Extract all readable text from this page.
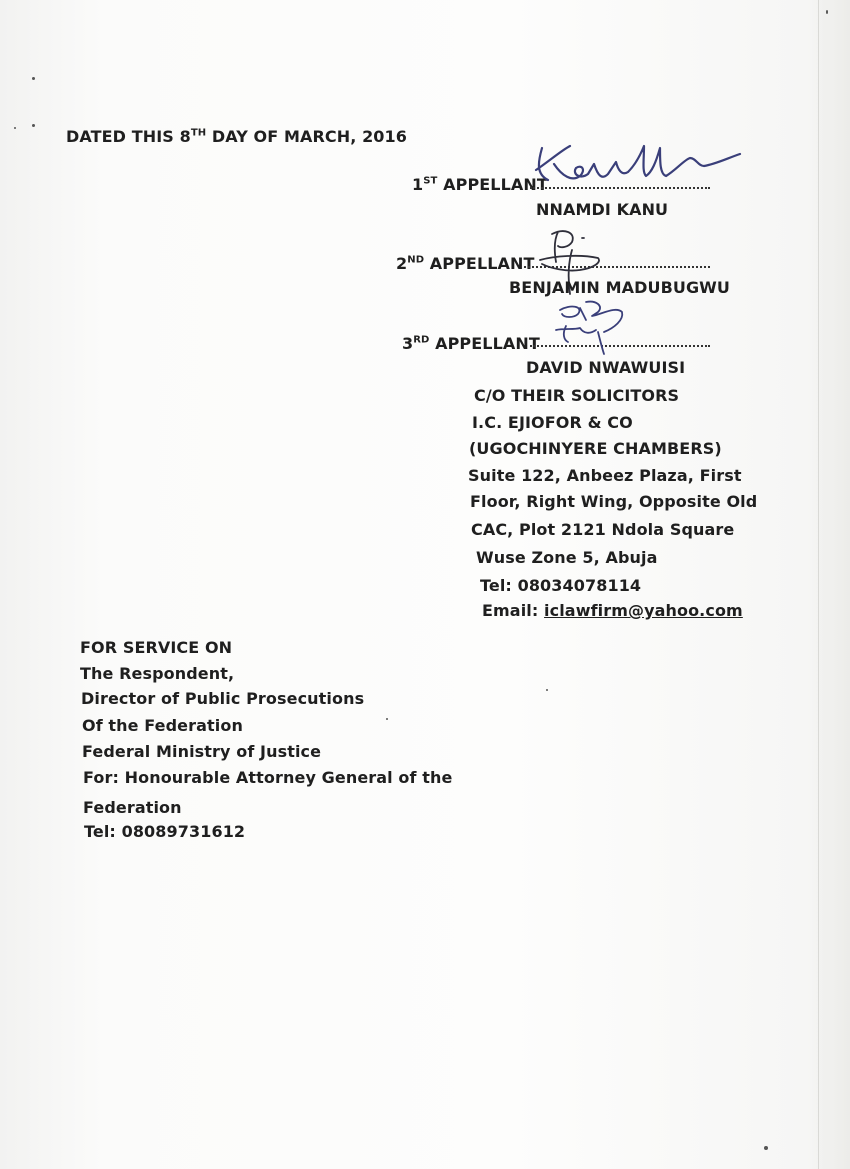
DATED THIS 8TH DAY OF MARCH, 2016
1ST APPELLANT
NNAMDI KANU
2ND APPELLANT
BENJAMIN MADUBUGWU
3RD APPELLANT
DAVID NWAWUISI
C/O THEIR SOLICITORS
I.C. EJIOFOR & CO
(UGOCHINYERE CHAMBERS)
Suite 122, Anbeez Plaza, First
Floor, Right Wing, Opposite Old
CAC, Plot 2121 Ndola Square
Wuse Zone 5, Abuja
Tel: 08034078114
Email: iclawfirm@yahoo.com
FOR SERVICE ON
The Respondent,
Director of Public Prosecutions
Of the Federation
Federal Ministry of Justice
For: Honourable Attorney General of the
Federation
Tel: 08089731612
